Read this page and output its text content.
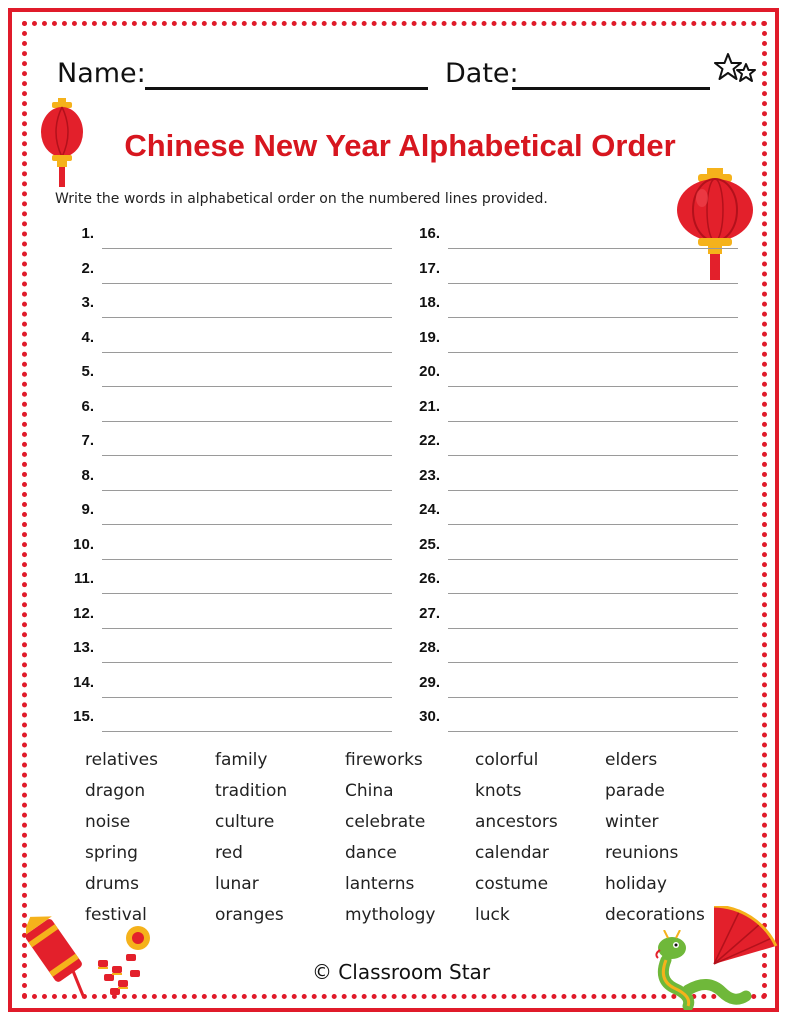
Name:	Date:
Chinese New Year Alphabetical Order
Write the words in alphabetical order on the numbered lines provided.
1.
2.
3.
4.
5.
6.
7.
8.
9.
10.
11.
12.
13.
14.
15.
16.
17.
18.
19.
20.
21.
22.
23.
24.
25.
26.
27.
28.
29.
30.
relatives	family	fireworks	colorful	elders
dragon	tradition	China	knots	parade
noise	culture	celebrate	ancestors	winter
spring	red	dance	calendar	reunions
drums	lunar	lanterns	costume	holiday
festival	oranges	mythology	luck	decorations
© Classroom Star
